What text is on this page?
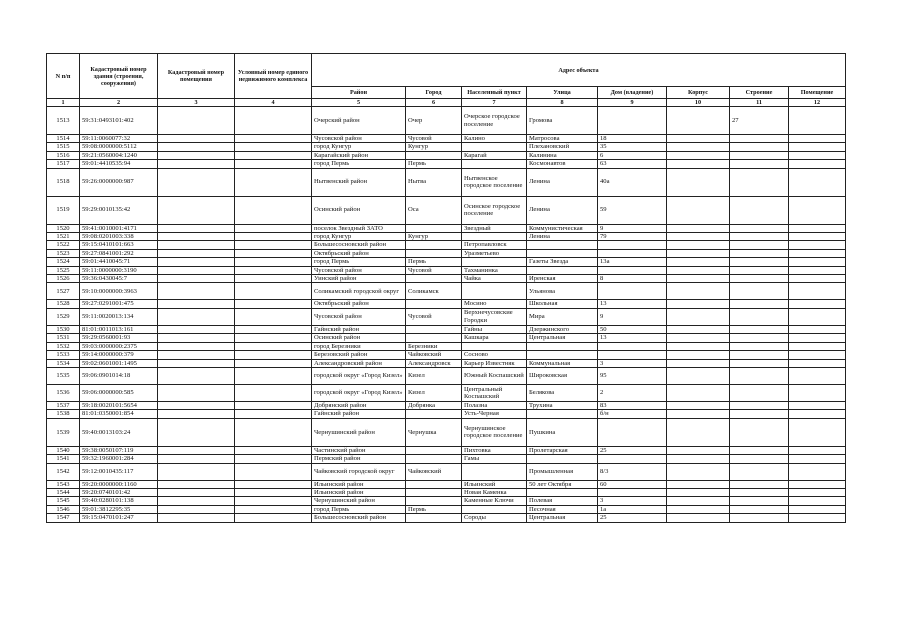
N п/п	Кадастровый номер здания (строения, сооружения)	Кадастровый номер помещения	Условный номер единого недвижимого комплекса	Адрес объекта							
				Район	Город	Населенный пункт	Улица	Дом (владение)	Корпус	Строение	Помещение
1	2	3	4	5	6	7	8	9	10	11	12
1513	59:31:0493101:402			Очерский район	Очер	Очерское городское поселение	Громова			27	
1514	59:11:0060077:32			Чусовской район	Чусовой	Калино	Матросова	18			
1515	59:08:0000000:5112			город Кунгур	Кунгур		Плехановский	35			
1516	59:21:0560004:1240			Карагайский район		Карагай	Калинина	6			
1517	59:01:4410535:94			город Пермь	Пермь		Космонавтов	63			
1518	59:26:0000000:987			Нытвенский район	Нытва	Нытвенское городское поселение	Ленина	40а			
1519	59:29:0010135:42			Осинский район	Оса	Осинское городское поселение	Ленина	59			
1520	59:41:0010001:4171			поселок Звездный ЗАТО		Звездный	Коммунистическая	9			
1521	59:08:0201003:338			город Кунгур	Кунгур		Ленина	79			
1522	59:15:0410101:663			Большесосновский район		Петропавловск					
1523	59:27:0841001:292			Октябрьский район		Уразметьево					
1524	59:01:4410045:71			город Пермь	Пермь		Газеты Звезда	13а			
1525	59:11:0000000:3190			Чусовской район	Чусовой	Тахманинка					
1526	59:36:0430045:7			Уинский район		Чайка	Иренская	8			
1527	59:10:0000000:3963			Соликамский городской округ	Соликамск		Ульянова				
1528	59:27:0291001:475			Октябрьский район		Мосино	Школьная	13			
1529	59:11:0020013:134			Чусовской район	Чусовой	Верхнечусовские Городки	Мира	9			
1530	81:01:0011013:161			Гайнский район		Гайны	Дзержинского	50			
1531	59:29:0560001:93			Осинский район		Кашкара	Центральная	13			
1532	59:03:0000000:2375			город Березники	Березники						
1533	59:14:0000000:379			Березовский район	Чайковский	Сосново					
1534	59:02:0601001:1495			Александровский район	Александровск	Карьер Известняк	Коммунальная	3			
1535	59:06:0901014:18			городской округ «Город Кизел»	Кизел	Южный Коспашский	Широковская	95			
1536	59:06:0000000:585			городской округ «Город Кизел»	Кизел	Центральный Коспашский	Белякова	2			
1537	59:18:0020101:5654			Добрянский район	Добрянка	Полазна	Трухина	83			
1538	81:01:0350001:854			Гайнский район		Усть-Черная		б/н			
1539	59:40:0013103:24			Чернушинский район	Чернушка	Чернушинское городское поселение	Пушкина				
1540	59:38:0050107:119			Частинский район		Пихтовка	Пролетарская	25			
1541	59:32:1960001:284			Пермский район		Гамы					
1542	59:12:0010435:117			Чайковский городской округ	Чайковский		Промышленная	8/3			
1543	59:20:0000000:1160			Ильинский район		Ильинский	50 лет Октября	60			
1544	59:20:0740101:42			Ильинский район		Новая Каменка					
1545	59:40:0280101:138			Чернушинский район		Каменные Ключи	Полевая	3			
1546	59:01:3812295:35			город Пермь	Пермь		Песочная	1а			
1547	59:15:0470101:247			Большесосновский район		Сороды	Центральная	25			
